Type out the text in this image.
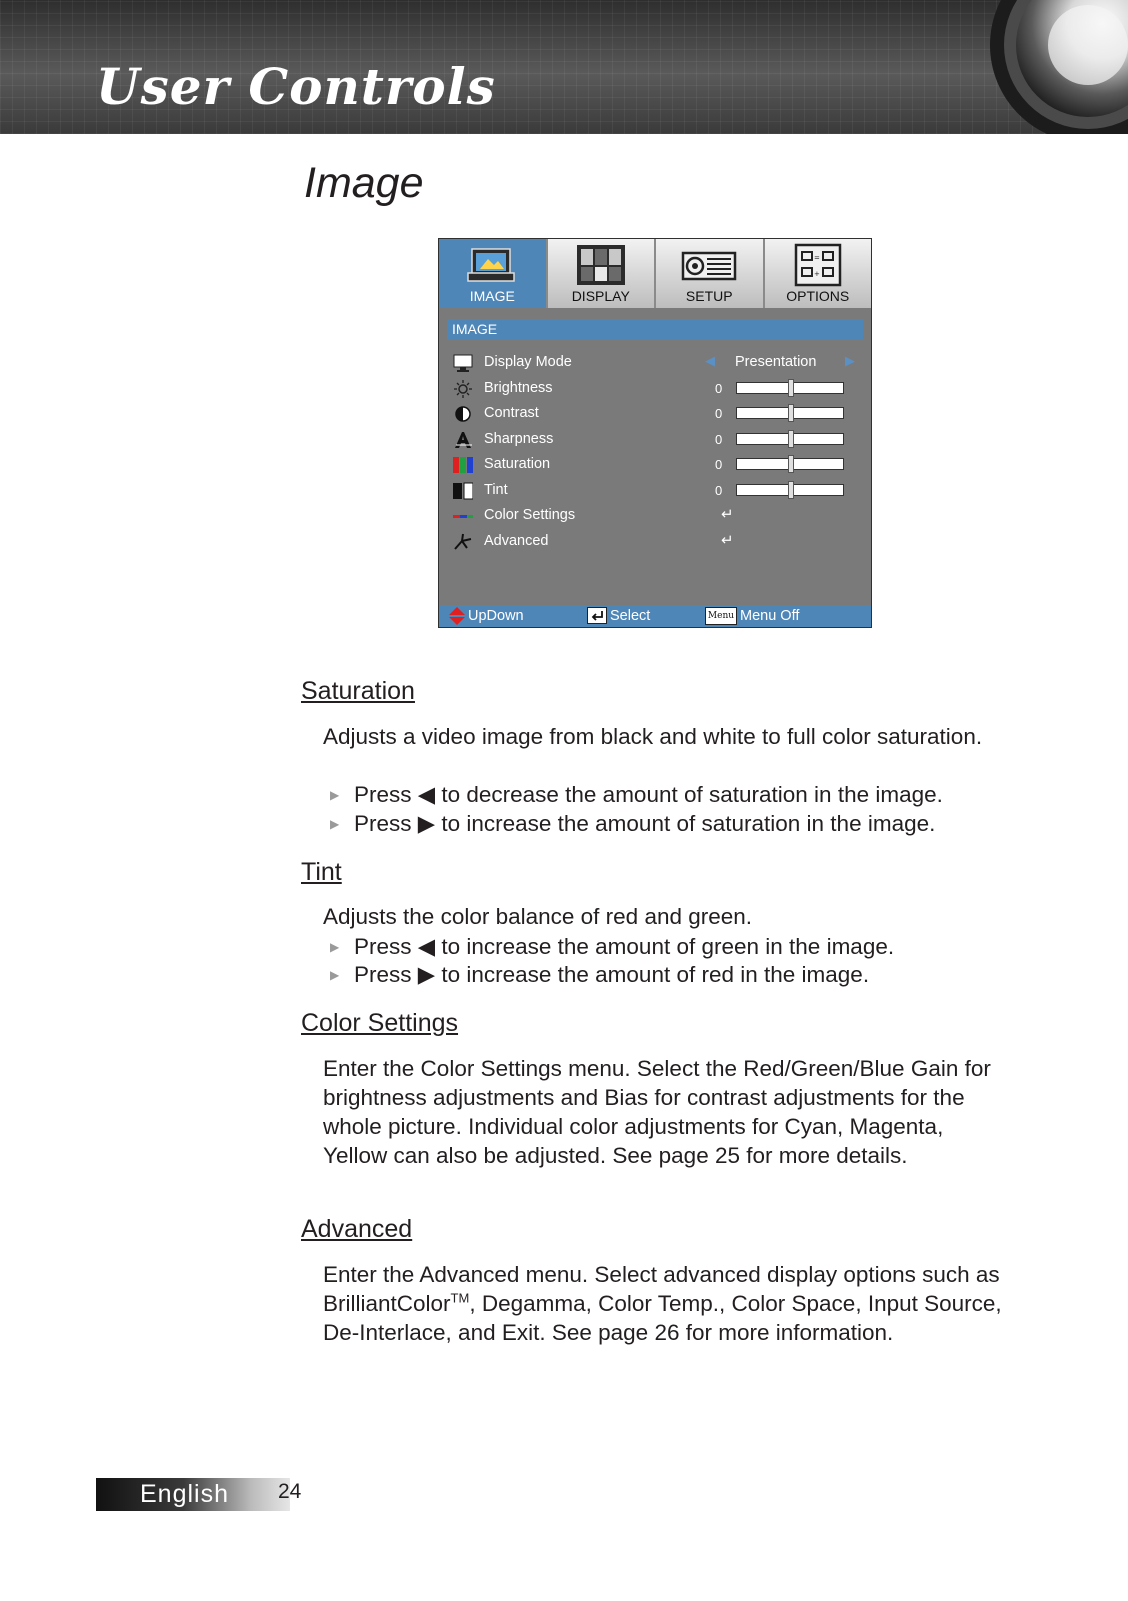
User Controls
Image
IMAGE	DISPLAY	SETUP
=
+
OPTIONS
IMAGE
Display Mode	◀ Presentation ▶
Brightness	0
Contrast	0
Sharpness	0
Saturation	0
Tint	0
Color Settings	↵
Advanced	↵
UpDown	Select	Menu Menu Off
Saturation
Adjusts a video image from black and white to full color saturation.
▶ Press ◀ to decrease the amount of saturation in the image.
▶ Press ▶ to increase the amount of saturation in the image.
Tint
Adjusts the color balance of red and green.
▶ Press ◀ to increase the amount of green in the image.
▶ Press ▶ to increase the amount of red in the image.
Color Settings
Enter the Color Settings menu. Select the Red/Green/Blue Gain for brightness adjustments and Bias for contrast adjustments for the whole picture. Individual color adjustments for Cyan, Magenta, Yellow can also be adjusted. See page 25 for more details.
Advanced
Enter the Advanced menu. Select advanced display options such as BrilliantColor™, Degamma, Color Temp., Color Space, Input Source, De-Interlace, and Exit. See page 26 for more information.
English 24
